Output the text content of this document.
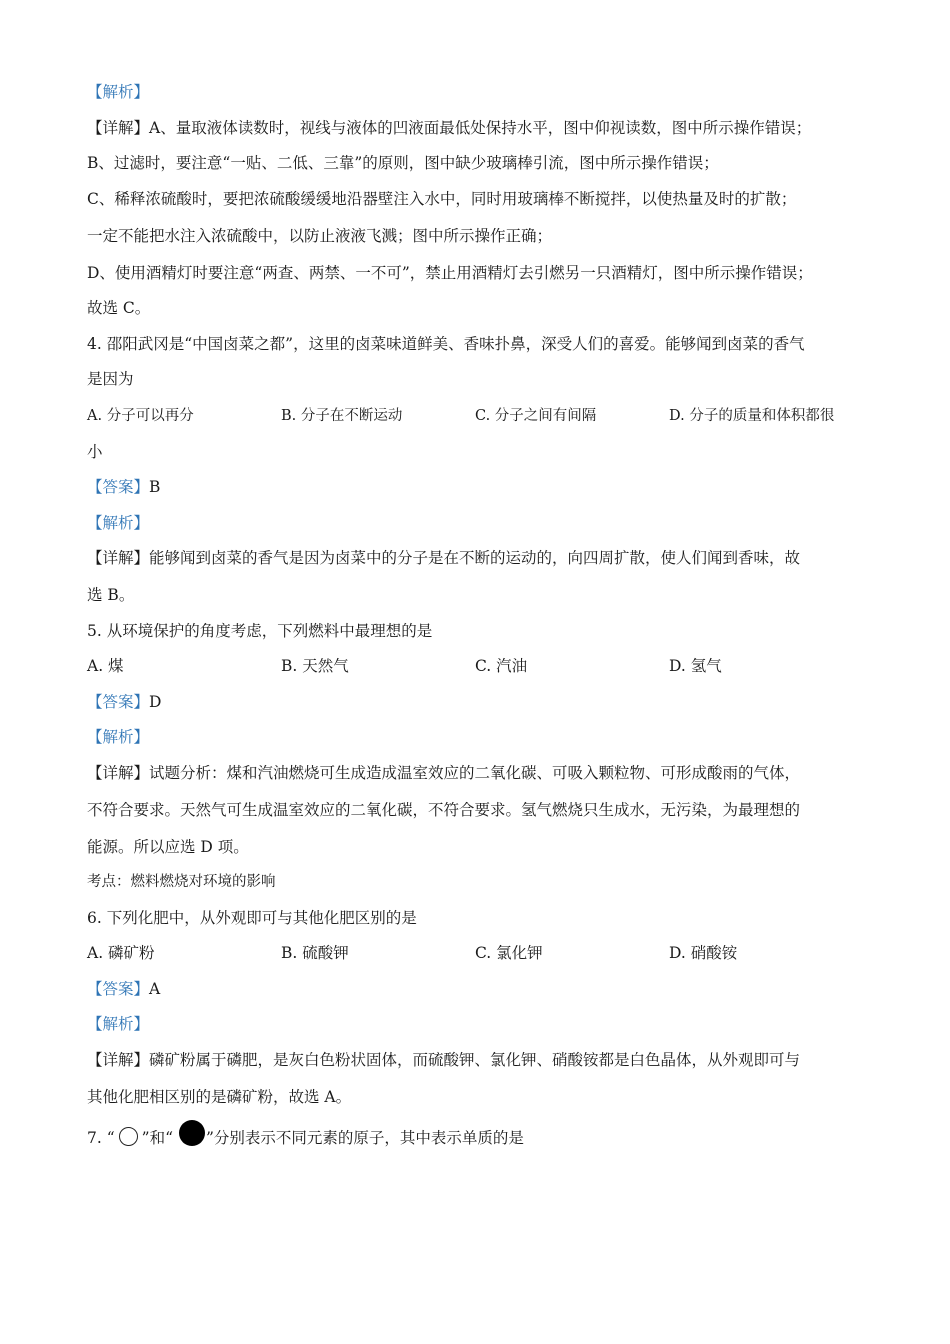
【解析】
【详解】A、量取液体读数时，视线与液体的凹液面最低处保持水平，图中仰视读数，图中所示操作错误；
B、过滤时，要注意“一贴、二低、三靠”的原则，图中缺少玻璃棒引流，图中所示操作错误；
C、稀释浓硫酸时，要把浓硫酸缓缓地沿器壁注入水中，同时用玻璃棒不断搅拌，以使热量及时的扩散；
一定不能把水注入浓硫酸中，以防止液液飞溅；图中所示操作正确；
D、使用酒精灯时要注意“两查、两禁、一不可”，禁止用酒精灯去引燃另一只酒精灯，图中所示操作错误；
故选 C。
4. 邵阳武冈是“中国卤菜之都”，这里的卤菜味道鲜美、香味扑鼻，深受人们的喜爱。能够闻到卤菜的香气
是因为
A. 分子可以再分	B. 分子在不断运动	C. 分子之间有间隔	D. 分子的质量和体积都很
小
【答案】B
【解析】
【详解】能够闻到卤菜的香气是因为卤菜中的分子是在不断的运动的，向四周扩散，使人们闻到香味，故
选 B。
5. 从环境保护的角度考虑，下列燃料中最理想的是
A. 煤	B. 天然气	C. 汽油	D. 氢气
【答案】D
【解析】
【详解】试题分析：煤和汽油燃烧可生成造成温室效应的二氧化碳、可吸入颗粒物、可形成酸雨的气体，
不符合要求。天然气可生成温室效应的二氧化碳，不符合要求。氢气燃烧只生成水，无污染，为最理想的
能源。所以应选 D 项。
考点：燃料燃烧对环境的影响
6. 下列化肥中，从外观即可与其他化肥区别的是
A. 磷矿粉	B. 硫酸钾	C. 氯化钾	D. 硝酸铵
【答案】A
【解析】
【详解】磷矿粉属于磷肥，是灰白色粉状固体，而硫酸钾、氯化钾、硝酸铵都是白色晶体，从外观即可与
其他化肥相区别的是磷矿粉，故选 A。
7. “ ”和“ ”分别表示不同元素的原子，其中表示单质的是
